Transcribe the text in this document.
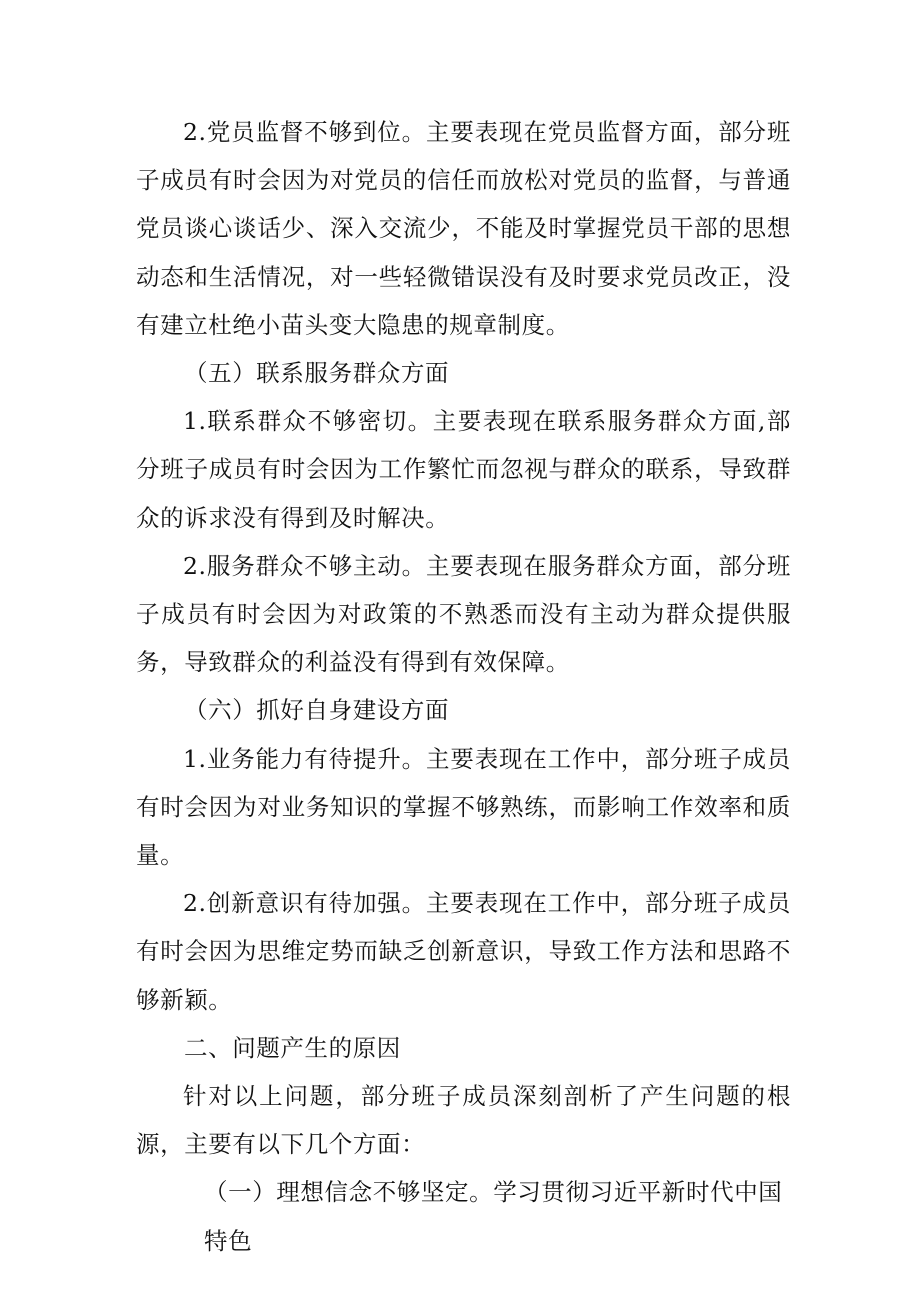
2.党员监督不够到位。主要表现在党员监督方面，部分班子成员有时会因为对党员的信任而放松对党员的监督，与普通党员谈心谈话少、深入交流少，不能及时掌握党员干部的思想动态和生活情况，对一些轻微错误没有及时要求党员改正，没有建立杜绝小苗头变大隐患的规章制度。

（五）联系服务群众方面

1.联系群众不够密切。主要表现在联系服务群众方面,部分班子成员有时会因为工作繁忙而忽视与群众的联系，导致群众的诉求没有得到及时解决。

2.服务群众不够主动。主要表现在服务群众方面，部分班子成员有时会因为对政策的不熟悉而没有主动为群众提供服务，导致群众的利益没有得到有效保障。

（六）抓好自身建设方面

1.业务能力有待提升。主要表现在工作中，部分班子成员有时会因为对业务知识的掌握不够熟练，而影响工作效率和质量。

2.创新意识有待加强。主要表现在工作中，部分班子成员有时会因为思维定势而缺乏创新意识，导致工作方法和思路不够新颖。

二、问题产生的原因

针对以上问题，部分班子成员深刻剖析了产生问题的根源，主要有以下几个方面：

（一）理想信念不够坚定。学习贯彻习近平新时代中国特色
